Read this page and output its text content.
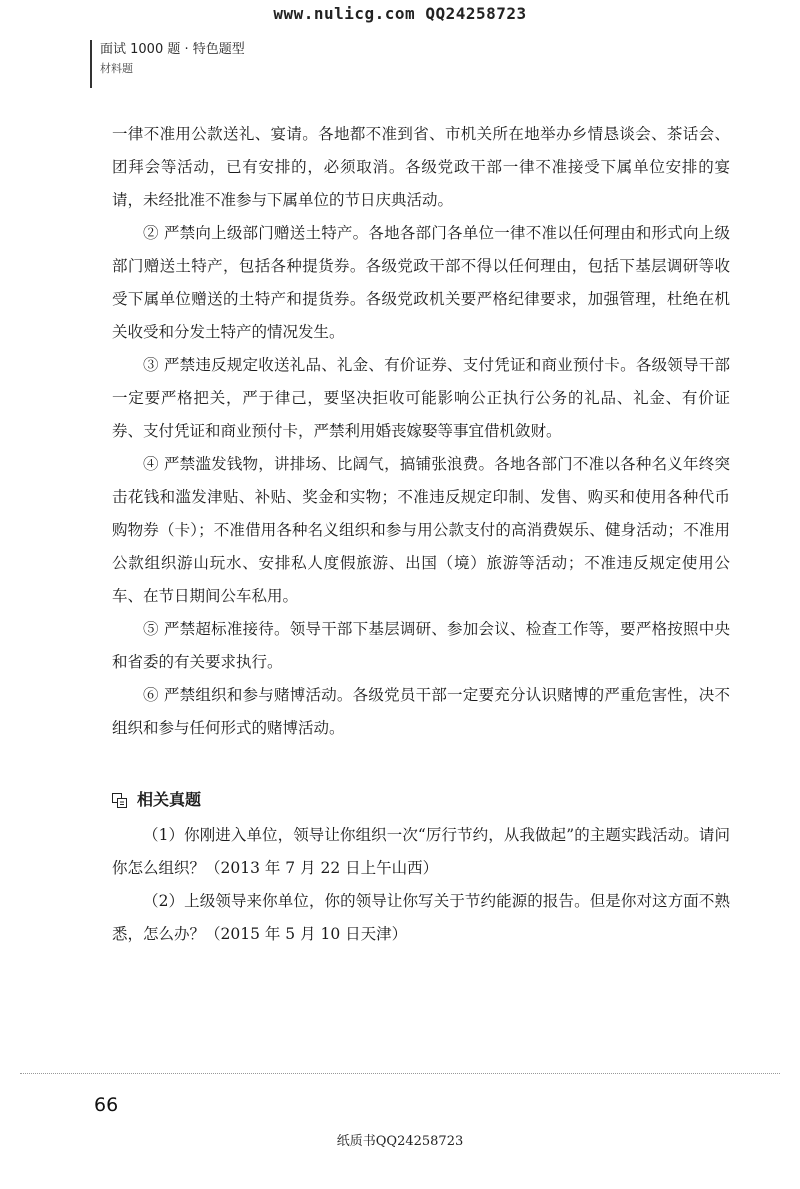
www.nulicg.com QQ24258723
面试 1000 题 · 特色题型
材料题

一律不准用公款送礼、宴请。各地都不准到省、市机关所在地举办乡情恳谈会、茶话会、团拜会等活动，已有安排的，必须取消。各级党政干部一律不准接受下属单位安排的宴请，未经批准不准参与下属单位的节日庆典活动。

② 严禁向上级部门赠送土特产。各地各部门各单位一律不准以任何理由和形式向上级部门赠送土特产，包括各种提货券。各级党政干部不得以任何理由，包括下基层调研等收受下属单位赠送的土特产和提货券。各级党政机关要严格纪律要求，加强管理，杜绝在机关收受和分发土特产的情况发生。

③ 严禁违反规定收送礼品、礼金、有价证券、支付凭证和商业预付卡。各级领导干部一定要严格把关，严于律己，要坚决拒收可能影响公正执行公务的礼品、礼金、有价证券、支付凭证和商业预付卡，严禁利用婚丧嫁娶等事宜借机敛财。

④ 严禁滥发钱物，讲排场、比阔气，搞铺张浪费。各地各部门不准以各种名义年终突击花钱和滥发津贴、补贴、奖金和实物；不准违反规定印制、发售、购买和使用各种代币购物券（卡）；不准借用各种名义组织和参与用公款支付的高消费娱乐、健身活动；不准用公款组织游山玩水、安排私人度假旅游、出国（境）旅游等活动；不准违反规定使用公车、在节日期间公车私用。

⑤ 严禁超标准接待。领导干部下基层调研、参加会议、检查工作等，要严格按照中央和省委的有关要求执行。

⑥ 严禁组织和参与赌博活动。各级党员干部一定要充分认识赌博的严重危害性，决不组织和参与任何形式的赌博活动。

相关真题

（1）你刚进入单位，领导让你组织一次“厉行节约，从我做起”的主题实践活动。请问你怎么组织？（2013 年 7 月 22 日上午山西）

（2）上级领导来你单位，你的领导让你写关于节约能源的报告。但是你对这方面不熟悉，怎么办？（2015 年 5 月 10 日天津）

66
纸质书QQ24258723
